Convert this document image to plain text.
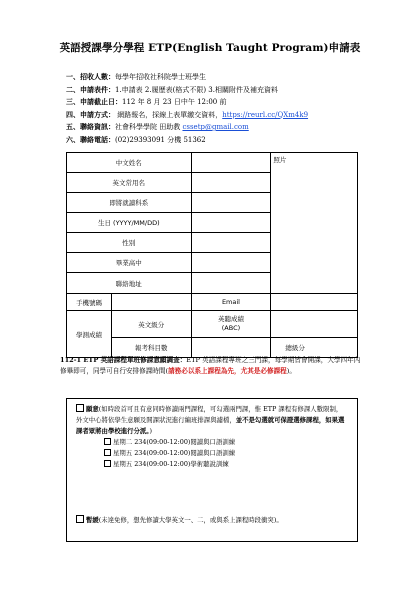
英語授課學分學程 ETP(English Taught Program)申請表
一、招收人數：每學年招收社科院學士班學生
二、申請表件：1.申請表 2.履歷表(格式不限) 3.相關附件及補充資料
三、申請截止日：112 年 8 月 23 日中午 12:00 前
四、申請方式： 網路報名，採線上表單繳交資料，https://reurl.cc/QXm4k9
五、聯絡資訊：社會科學學院 田助教 cssetp@gmail.com
六、聯絡電話：(02)29393091 分機 51362
中文姓名			照片
英文常用名			
即將就讀科系			
生日 (YYYY/MM/DD)			
性別			
畢業高中			
聯絡地址			
手機號碼		Email	
學測成績	英文級分	英聽成績
(ABC)	
	報考科目數		總級分
112-1 ETP 英語課程單班修課意願調查：ETP 英語課程專班之三門課，每學期皆會開課，大學四年內修畢即可，同學可自行安排修課時間(請務必以系上課程為先，尤其是必修課程)。
願意(如時段首可且有意同時修讀兩門課程，可勾選兩門課，惟 ETP 課程有修課人數限制，外文中心將依學生意願及開課狀況進行編班排課與濾檔，並不是勾選就可保證選修課程，如果選課者眾將由學校進行分派。)
星期二 234(09:00-12:00)閱讀與口語訓練
星期五 234(09:00-12:00)閱讀與口語訓練
星期五 234(09:00-12:00)學術聽說訓練
暫緩(未達免修，想先修讀大學英文一、二，或與系上課程時段衝突)。
